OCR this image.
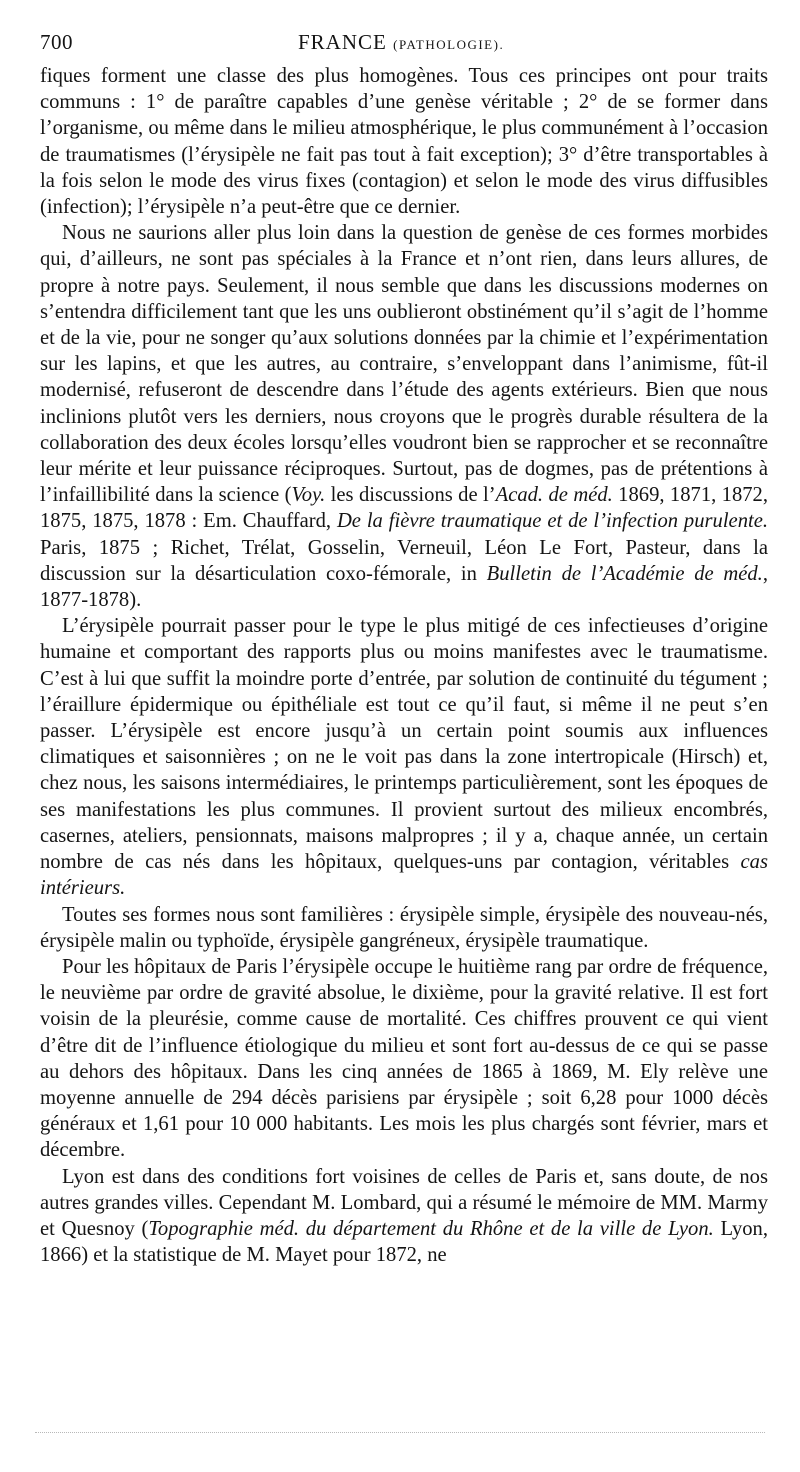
700	FRANCE (PATHOLOGIE).

fiques forment une classe des plus homogènes. Tous ces principes ont pour traits communs : 1° de paraître capables d’une genèse véritable ; 2° de se former dans l’organisme, ou même dans le milieu atmosphérique, le plus communément à l’occasion de traumatismes (l’érysipèle ne fait pas tout à fait exception); 3° d’être transportables à la fois selon le mode des virus fixes (contagion) et selon le mode des virus diffusibles (infection); l’érysipèle n’a peut-être que ce dernier.

Nous ne saurions aller plus loin dans la question de genèse de ces formes morbides qui, d’ailleurs, ne sont pas spéciales à la France et n’ont rien, dans leurs allures, de propre à notre pays. Seulement, il nous semble que dans les discussions modernes on s’entendra difficilement tant que les uns oublieront obstinément qu’il s’agit de l’homme et de la vie, pour ne songer qu’aux solutions données par la chimie et l’expérimentation sur les lapins, et que les autres, au contraire, s’enveloppant dans l’animisme, fût-il modernisé, refuseront de descendre dans l’étude des agents extérieurs. Bien que nous inclinions plutôt vers les derniers, nous croyons que le progrès durable résultera de la collaboration des deux écoles lorsqu’elles voudront bien se rapprocher et se reconnaître leur mérite et leur puissance réciproques. Surtout, pas de dogmes, pas de prétentions à l’infaillibilité dans la science (Voy. les discussions de l’Acad. de méd. 1869, 1871, 1872, 1875, 1875, 1878 : Em. Chauffard, De la fièvre traumatique et de l’infection purulente. Paris, 1875 ; Richet, Trélat, Gosselin, Verneuil, Léon Le Fort, Pasteur, dans la discussion sur la désarticulation coxo-fémorale, in Bulletin de l’Académie de méd., 1877-1878).

L’érysipèle pourrait passer pour le type le plus mitigé de ces infectieuses d’origine humaine et comportant des rapports plus ou moins manifestes avec le traumatisme. C’est à lui que suffit la moindre porte d’entrée, par solution de continuité du tégument ; l’éraillure épidermique ou épithéliale est tout ce qu’il faut, si même il ne peut s’en passer. L’érysipèle est encore jusqu’à un certain point soumis aux influences climatiques et saisonnières ; on ne le voit pas dans la zone intertropicale (Hirsch) et, chez nous, les saisons intermédiaires, le printemps particulièrement, sont les époques de ses manifestations les plus communes. Il provient surtout des milieux encombrés, casernes, ateliers, pensionnats, maisons malpropres ; il y a, chaque année, un certain nombre de cas nés dans les hôpitaux, quelques-uns par contagion, véritables cas intérieurs.

Toutes ses formes nous sont familières : érysipèle simple, érysipèle des nouveau-nés, érysipèle malin ou typhoïde, érysipèle gangréneux, érysipèle traumatique.

Pour les hôpitaux de Paris l’érysipèle occupe le huitième rang par ordre de fréquence, le neuvième par ordre de gravité absolue, le dixième, pour la gravité relative. Il est fort voisin de la pleurésie, comme cause de mortalité. Ces chiffres prouvent ce qui vient d’être dit de l’influence étiologique du milieu et sont fort au-dessus de ce qui se passe au dehors des hôpitaux. Dans les cinq années de 1865 à 1869, M. Ely relève une moyenne annuelle de 294 décès parisiens par érysipèle ; soit 6,28 pour 1000 décès généraux et 1,61 pour 10 000 habitants. Les mois les plus chargés sont février, mars et décembre.

Lyon est dans des conditions fort voisines de celles de Paris et, sans doute, de nos autres grandes villes. Cependant M. Lombard, qui a résumé le mémoire de MM. Marmy et Quesnoy (Topographie méd. du département du Rhône et de la ville de Lyon. Lyon, 1866) et la statistique de M. Mayet pour 1872, ne
